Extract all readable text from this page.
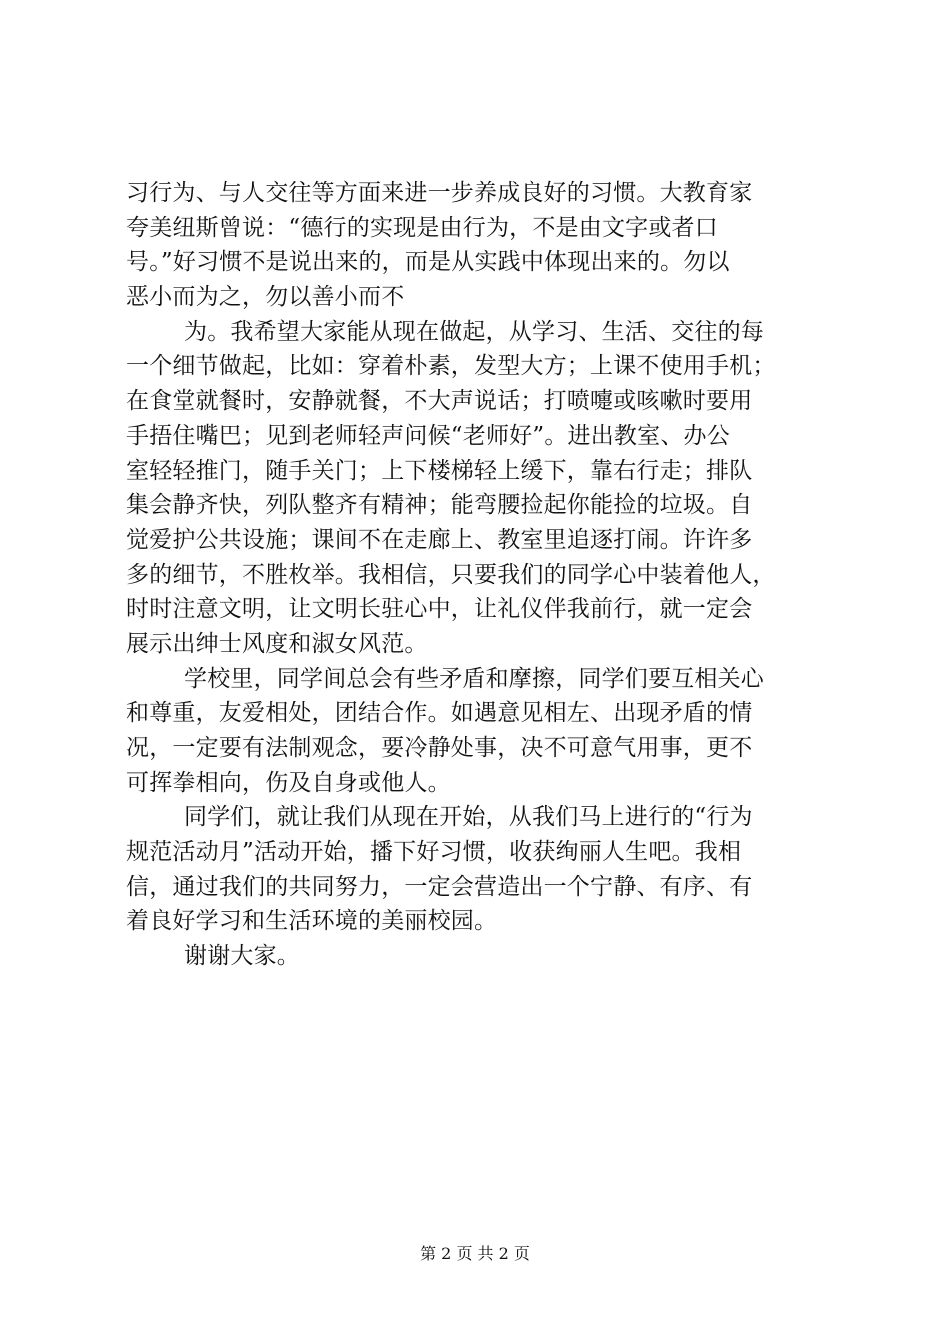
习行为、与人交往等方面来进一步养成良好的习惯。大教育家
夸美纽斯曾说：“德行的实现是由行为，不是由文字或者口
号。”好习惯不是说出来的，而是从实践中体现出来的。勿以
恶小而为之，勿以善小而不
为。我希望大家能从现在做起，从学习、生活、交往的每
一个细节做起，比如：穿着朴素，发型大方；上课不使用手机；
在食堂就餐时，安静就餐，不大声说话；打喷嚏或咳嗽时要用
手捂住嘴巴；见到老师轻声问候“老师好”。进出教室、办公
室轻轻推门，随手关门；上下楼梯轻上缓下，靠右行走；排队
集会静齐快，列队整齐有精神；能弯腰捡起你能捡的垃圾。自
觉爱护公共设施；课间不在走廊上、教室里追逐打闹。许许多
多的细节，不胜枚举。我相信，只要我们的同学心中装着他人，
时时注意文明，让文明长驻心中，让礼仪伴我前行，就一定会
展示出绅士风度和淑女风范。
学校里，同学间总会有些矛盾和摩擦，同学们要互相关心
和尊重，友爱相处，团结合作。如遇意见相左、出现矛盾的情
况，一定要有法制观念，要冷静处事，决不可意气用事，更不
可挥拳相向，伤及自身或他人。
同学们，就让我们从现在开始，从我们马上进行的“行为
规范活动月”活动开始，播下好习惯，收获绚丽人生吧。我相
信，通过我们的共同努力，一定会营造出一个宁静、有序、有
着良好学习和生活环境的美丽校园。
谢谢大家。
第 2 页 共 2 页
